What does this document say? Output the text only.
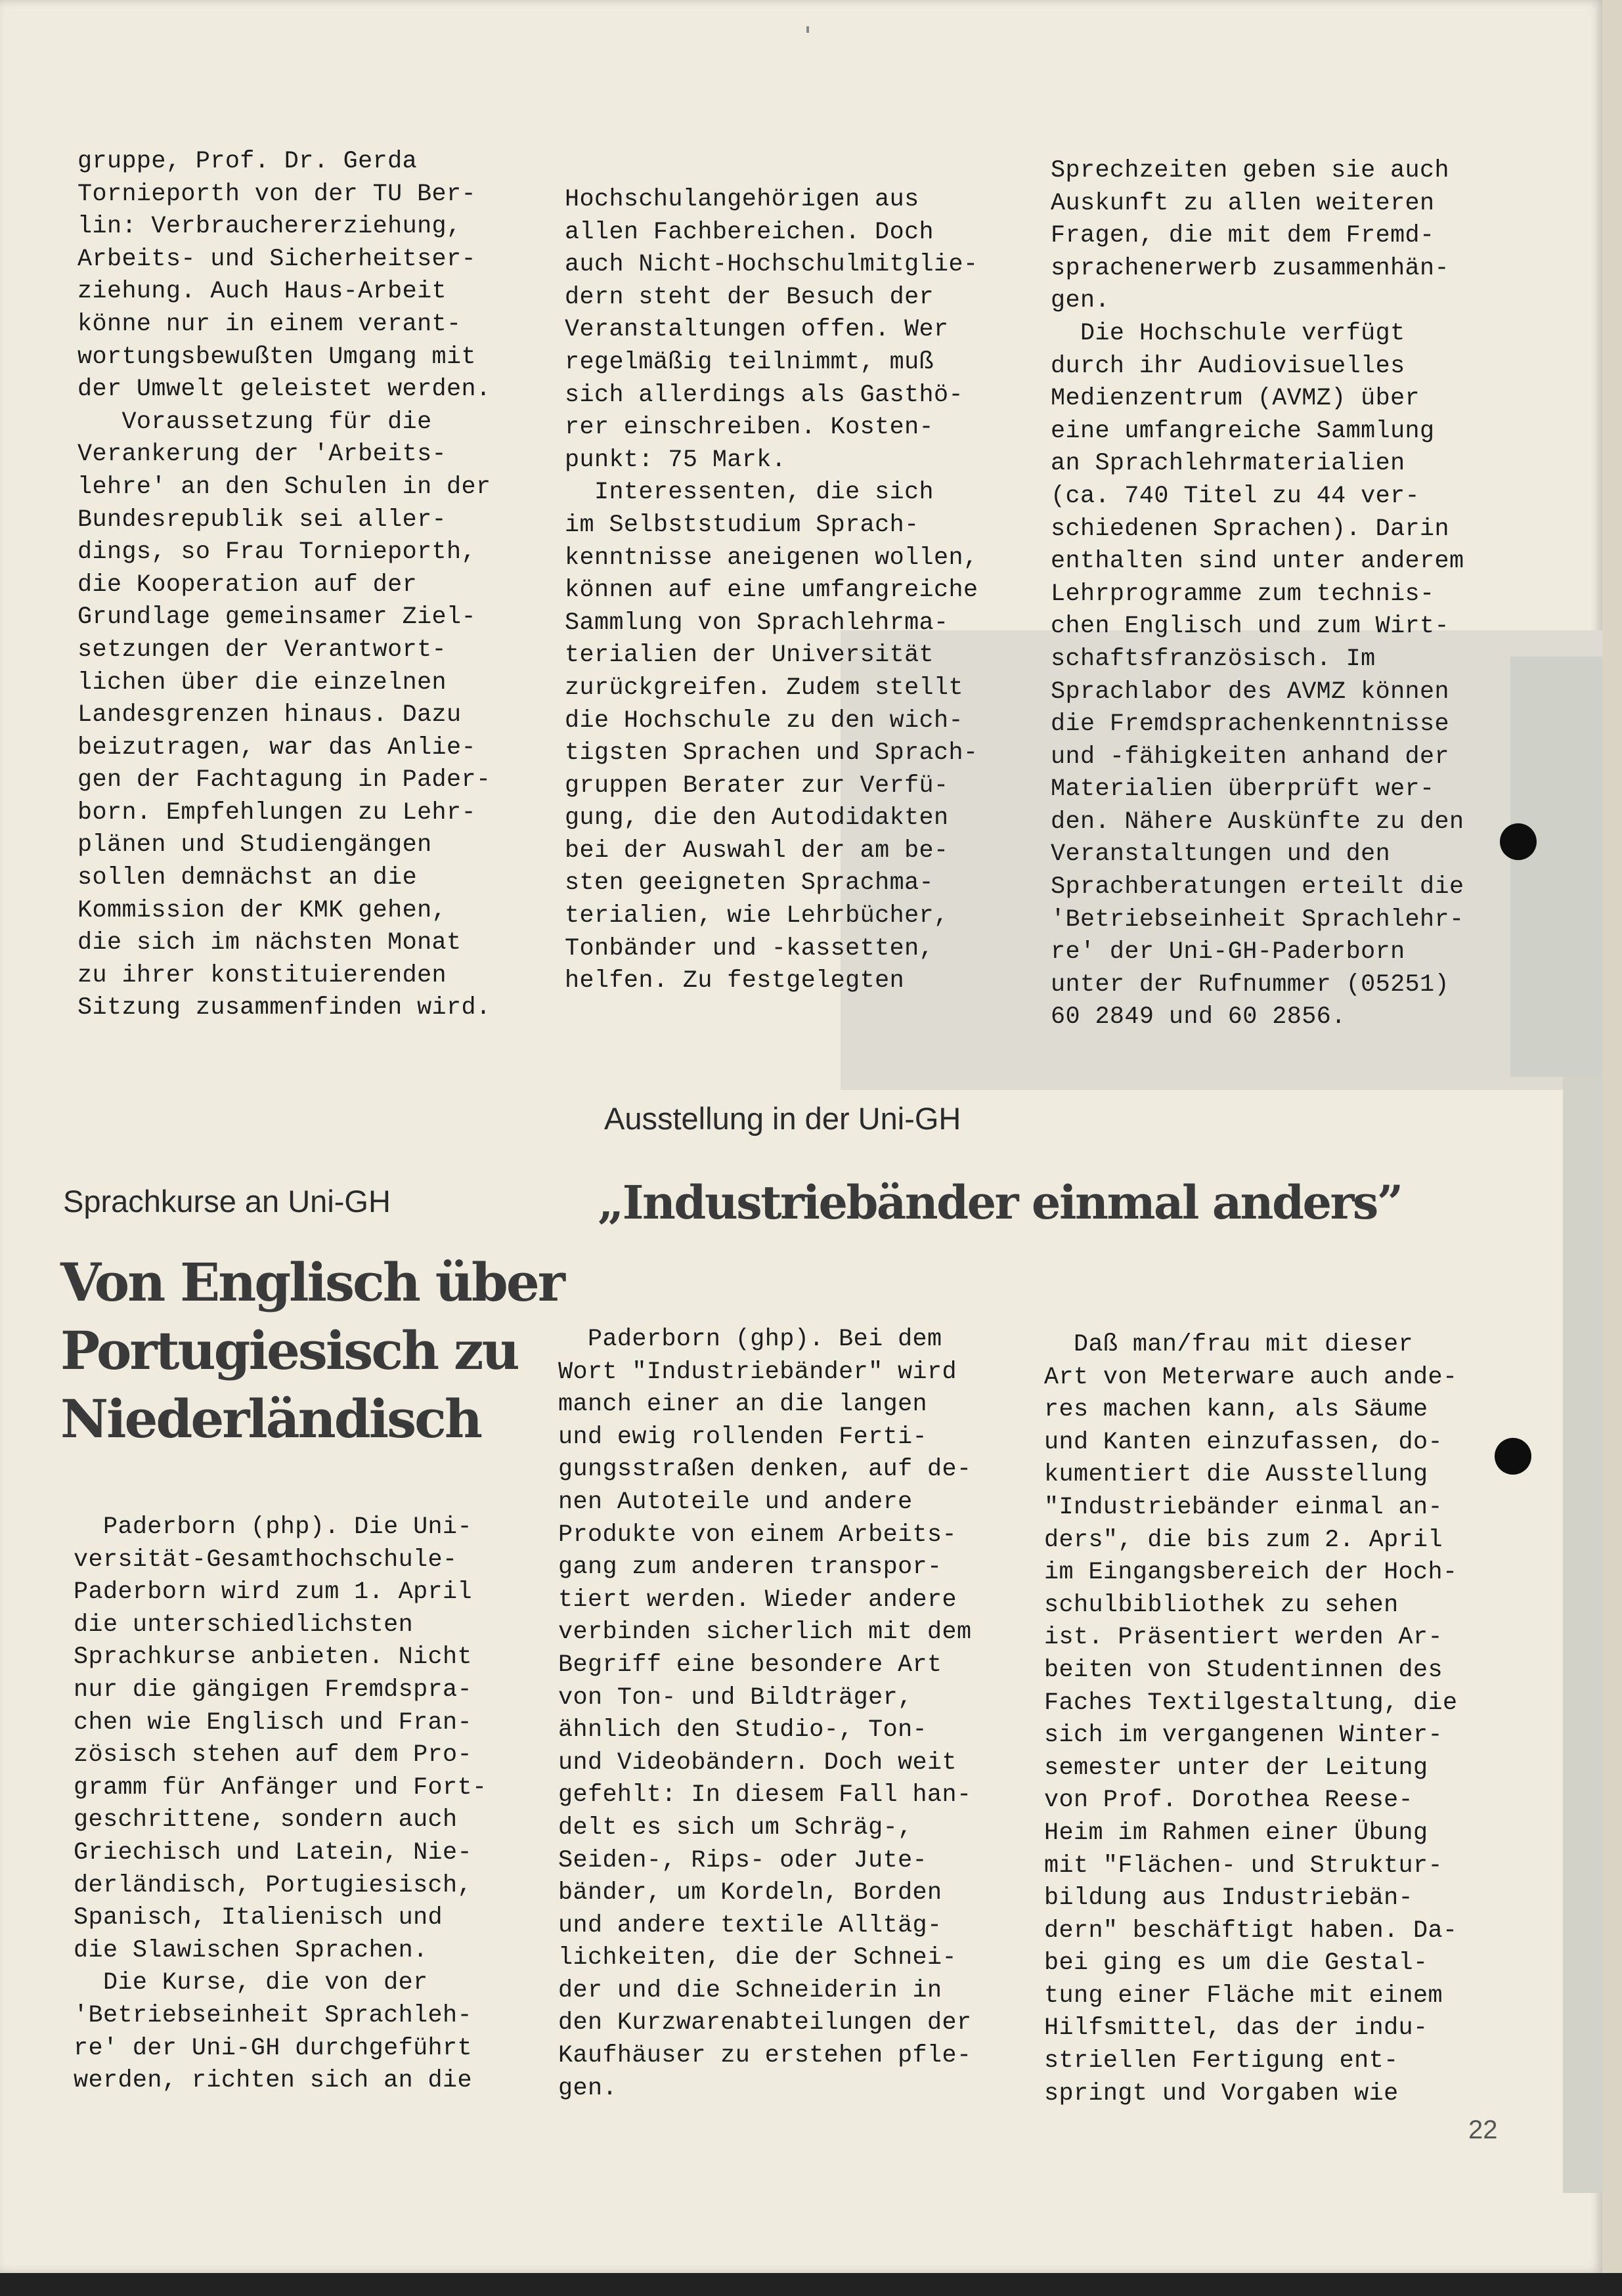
gruppe, Prof. Dr. Gerda
Tornieporth von der TU Ber-
lin: Verbrauchererziehung,
Arbeits- und Sicherheitser-
ziehung. Auch Haus-Arbeit
könne nur in einem verant-
wortungsbewußten Umgang mit
der Umwelt geleistet werden.
Voraussetzung für die
Verankerung der 'Arbeits-
lehre' an den Schulen in der
Bundesrepublik sei aller-
dings, so Frau Tornieporth,
die Kooperation auf der
Grundlage gemeinsamer Ziel-
setzungen der Verantwort-
lichen über die einzelnen
Landesgrenzen hinaus. Dazu
beizutragen, war das Anlie-
gen der Fachtagung in Pader-
born. Empfehlungen zu Lehr-
plänen und Studiengängen
sollen demnächst an die
Kommission der KMK gehen,
die sich im nächsten Monat
zu ihrer konstituierenden
Sitzung zusammenfinden wird.
Hochschulangehörigen aus
allen Fachbereichen. Doch
auch Nicht-Hochschulmitglie-
dern steht der Besuch der
Veranstaltungen offen. Wer
regelmäßig teilnimmt, muß
sich allerdings als Gasthö-
rer einschreiben. Kosten-
punkt: 75 Mark.
Interessenten, die sich
im Selbststudium Sprach-
kenntnisse aneigenen wollen,
können auf eine umfangreiche
Sammlung von Sprachlehrma-
terialien der Universität
zurückgreifen. Zudem stellt
die Hochschule zu den wich-
tigsten Sprachen und Sprach-
gruppen Berater zur Verfü-
gung, die den Autodidakten
bei der Auswahl der am be-
sten geeigneten Sprachma-
terialien, wie Lehrbücher,
Tonbänder und -kassetten,
helfen. Zu festgelegten
Sprechzeiten geben sie auch
Auskunft zu allen weiteren
Fragen, die mit dem Fremd-
sprachenerwerb zusammenhän-
gen.
Die Hochschule verfügt
durch ihr Audiovisuelles
Medienzentrum (AVMZ) über
eine umfangreiche Sammlung
an Sprachlehrmaterialien
(ca. 740 Titel zu 44 ver-
schiedenen Sprachen). Darin
enthalten sind unter anderem
Lehrprogramme zum technis-
chen Englisch und zum Wirt-
schaftsfranzösisch. Im
Sprachlabor des AVMZ können
die Fremdsprachenkenntnisse
und -fähigkeiten anhand der
Materialien überprüft wer-
den. Nähere Auskünfte zu den
Veranstaltungen und den
Sprachberatungen erteilt die
'Betriebseinheit Sprachlehr-
re' der Uni-GH-Paderborn
unter der Rufnummer (05251)
60 2849 und 60 2856.
Sprachkurse an Uni-GH
Von Englisch über
Portugiesisch zu
Niederländisch
Paderborn (php). Die Uni-
versität-Gesamthochschule-
Paderborn wird zum 1. April
die unterschiedlichsten
Sprachkurse anbieten. Nicht
nur die gängigen Fremdspra-
chen wie Englisch und Fran-
zösisch stehen auf dem Pro-
gramm für Anfänger und Fort-
geschrittene, sondern auch
Griechisch und Latein, Nie-
derländisch, Portugiesisch,
Spanisch, Italienisch und
die Slawischen Sprachen.
Die Kurse, die von der
'Betriebseinheit Sprachleh-
re' der Uni-GH durchgeführt
werden, richten sich an die
Ausstellung in der Uni-GH
„Industriebänder einmal anders”
Paderborn (ghp). Bei dem
Wort "Industriebänder" wird
manch einer an die langen
und ewig rollenden Ferti-
gungsstraßen denken, auf de-
nen Autoteile und andere
Produkte von einem Arbeits-
gang zum anderen transpor-
tiert werden. Wieder andere
verbinden sicherlich mit dem
Begriff eine besondere Art
von Ton- und Bildträger,
ähnlich den Studio-, Ton-
und Videobändern. Doch weit
gefehlt: In diesem Fall han-
delt es sich um Schräg-,
Seiden-, Rips- oder Jute-
bänder, um Kordeln, Borden
und andere textile Alltäg-
lichkeiten, die der Schnei-
der und die Schneiderin in
den Kurzwarenabteilungen der
Kaufhäuser zu erstehen pfle-
gen.
Daß man/frau mit dieser
Art von Meterware auch ande-
res machen kann, als Säume
und Kanten einzufassen, do-
kumentiert die Ausstellung
"Industriebänder einmal an-
ders", die bis zum 2. April
im Eingangsbereich der Hoch-
schulbibliothek zu sehen
ist. Präsentiert werden Ar-
beiten von Studentinnen des
Faches Textilgestaltung, die
sich im vergangenen Winter-
semester unter der Leitung
von Prof. Dorothea Reese-
Heim im Rahmen einer Übung
mit "Flächen- und Struktur-
bildung aus Industriebän-
dern" beschäftigt haben. Da-
bei ging es um die Gestal-
tung einer Fläche mit einem
Hilfsmittel, das der indu-
striellen Fertigung ent-
springt und Vorgaben wie
22
